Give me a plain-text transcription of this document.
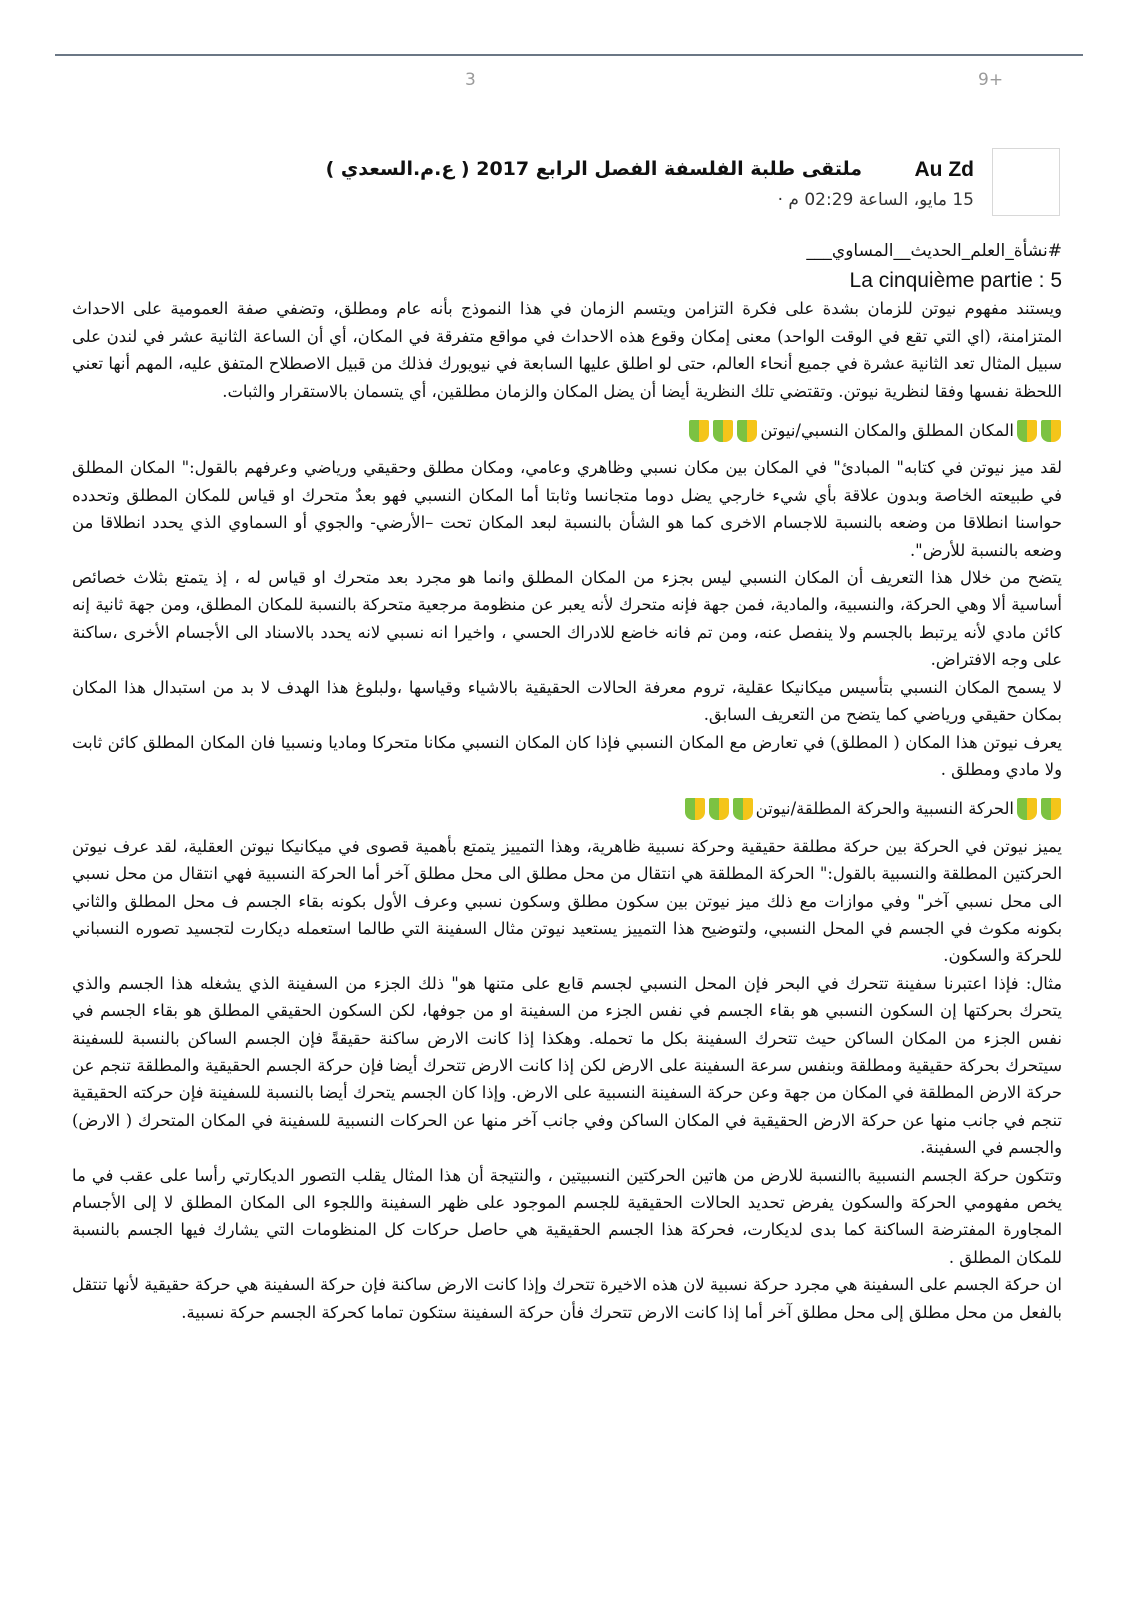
9+
3
Au Zd
ملتقى طلبة الفلسفة الفصل الرابع 2017 ( ع.م.السعدي )
15 مايو، الساعة 02:29 م ·
#نشأة_العلم_الحديث__المساوي___
La cinquième partie : 5

ويستند مفهوم نيوتن للزمان بشدة على فكرة التزامن ويتسم الزمان في هذا النموذج بأنه عام ومطلق، وتضفي صفة العمومية على الاحداث المتزامنة، (اي التي تقع في الوقت الواحد) معنى إمكان وقوع هذه الاحداث في مواقع متفرقة في المكان، أي أن الساعة الثانية عشر في لندن على سبيل المثال تعد الثانية عشرة في جميع أنحاء العالم، حتى لو اطلق عليها السابعة في نيويورك فذلك من قبيل الاصطلاح المتفق عليه، المهم أنها تعني اللحظة نفسها وفقا لنظرية نيوتن. وتقتضي تلك النظرية أيضا أن يضل المكان والزمان مطلقين، أي يتسمان بالاستقرار والثبات.

المكان المطلق والمكان النسبي/نيوتن

لقد ميز نيوتن في كتابه" المبادئ" في المكان بين مكان نسبي وظاهري وعامي، ومكان مطلق وحقيقي ورياضي وعرفهم بالقول:" المكان المطلق في طبيعته الخاصة وبدون علاقة بأي شيء خارجي يضل دوما متجانسا وثابتا أما المكان النسبي فهو بعدٌ متحرك او قياس للمكان المطلق وتحدده حواسنا انطلاقا من وضعه بالنسبة للاجسام الاخرى كما هو الشأن بالنسبة لبعد المكان تحت –الأرضي- والجوي أو السماوي الذي يحدد انطلاقا من وضعه بالنسبة للأرض".

يتضح من خلال هذا التعريف أن المكان النسبي ليس بجزء من المكان المطلق وانما هو مجرد بعد متحرك او قياس له ، إذ يتمتع بثلاث خصائص أساسية ألا وهي الحركة، والنسبية، والمادية، فمن جهة فإنه متحرك لأنه يعبر عن منظومة مرجعية متحركة بالنسبة للمكان المطلق، ومن جهة ثانية إنه كائن مادي لأنه يرتبط بالجسم ولا ينفصل عنه، ومن تم فانه خاضع للادراك الحسي ، واخيرا انه نسبي لانه يحدد بالاسناد الى الأجسام الأخرى ،ساكنة على وجه الافتراض.

لا يسمح المكان النسبي بتأسيس ميكانيكا عقلية، تروم معرفة الحالات الحقيقية بالاشياء وقياسها ،ولبلوغ هذا الهدف لا بد من استبدال هذا المكان بمكان حقيقي ورياضي كما يتضح من التعريف السابق.

يعرف نيوتن هذا المكان ( المطلق) في تعارض مع المكان النسبي فإذا كان المكان النسبي مكانا متحركا وماديا ونسبيا فان المكان المطلق كائن ثابت ولا مادي ومطلق .

الحركة النسبية والحركة المطلقة/نيوتن

يميز نيوتن في الحركة بين حركة مطلقة حقيقية وحركة نسبية ظاهرية، وهذا التمييز يتمتع بأهمية قصوى في ميكانيكا نيوتن العقلية، لقد عرف نيوتن الحركتين المطلقة والنسبية بالقول:" الحركة المطلقة هي انتقال من محل مطلق الى محل مطلق آخر أما الحركة النسبية فهي انتقال من محل نسبي الى محل نسبي آخر" وفي موازات مع ذلك ميز نيوتن بين سكون مطلق وسكون نسبي وعرف الأول بكونه بقاء الجسم ف محل المطلق والثاني بكونه مكوث في الجسم في المحل النسبي، ولتوضيح هذا التمييز يستعيد نيوتن مثال السفينة التي طالما استعمله ديكارت لتجسيد تصوره النسباني للحركة والسكون.

مثال: فإذا اعتبرنا سفينة تتحرك في البحر فإن المحل النسبي لجسم قابع على متنها هو" ذلك الجزء من السفينة الذي يشغله هذا الجسم والذي يتحرك بحركتها إن السكون النسبي هو بقاء الجسم في نفس الجزء من السفينة او من جوفها، لكن السكون الحقيقي المطلق هو بقاء الجسم في نفس الجزء من المكان الساكن حيث تتحرك السفينة بكل ما تحمله. وهكذا إذا كانت الارض ساكنة حقيقةً فإن الجسم الساكن بالنسبة للسفينة سيتحرك بحركة حقيقية ومطلقة وبنفس سرعة السفينة على الارض لكن إذا كانت الارض تتحرك أيضا فإن حركة الجسم الحقيقية والمطلقة تنجم عن حركة الارض المطلقة في المكان من جهة وعن حركة السفينة النسبية على الارض. وإذا كان الجسم يتحرك أيضا بالنسبة للسفينة فإن حركته الحقيقية تنجم في جانب منها عن حركة الارض الحقيقية في المكان الساكن وفي جانب آخر منها عن الحركات النسبية للسفينة في المكان المتحرك ( الارض) والجسم في السفينة.

وتتكون حركة الجسم النسبية باالنسبة للارض من هاتين الحركتين النسبيتين ، والنتيجة أن هذا المثال يقلب التصور الديكارتي رأسا على عقب في ما يخص مفهومي الحركة والسكون يفرض تحديد الحالات الحقيقية للجسم الموجود على ظهر السفينة واللجوء الى المكان المطلق لا إلى الأجسام المجاورة المفترضة الساكنة كما بدى لديكارت، فحركة هذا الجسم الحقيقية هي حاصل حركات كل المنظومات التي يشارك فيها الجسم بالنسبة للمكان المطلق .

ان حركة الجسم على السفينة هي مجرد حركة نسبية لان هذه الاخيرة تتحرك وإذا كانت الارض ساكنة فإن حركة السفينة هي حركة حقيقية لأنها تنتقل بالفعل من محل مطلق إلى محل مطلق آخر أما إذا كانت الارض تتحرك فأن حركة السفينة ستكون تماما كحركة الجسم حركة نسبية.
